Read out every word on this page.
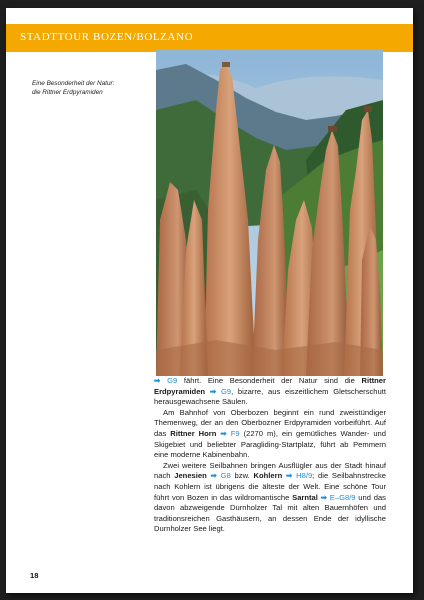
STADTTOUR BOZEN/BOLZANO
Eine Besonderheit der Natur:
die Rittner Erdpyramiden

➡ G9 fährt. Eine Besonderheit der Natur sind die Rittner Erdpyramiden ➡ G9, bizarre, aus eiszeitlichem Gletscherschutt herausgewachsene Säulen.

Am Bahnhof von Oberbozen beginnt ein rund zweistündiger Themenweg, der an den Oberbozner Erdpyramiden vorbeiführt. Auf das Rittner Horn ➡ F9 (2270 m), ein gemütliches Wander- und Skigebiet und beliebter Paragliding-Startplatz, führt ab Pemmern eine moderne Kabinenbahn.

Zwei weitere Seilbahnen bringen Ausflügler aus der Stadt hinauf nach Jenesien ➡ G8 bzw. Kohlern ➡ H8/9; die Seilbahnstrecke nach Kohlern ist übrigens die älteste der Welt. Eine schöne Tour führt von Bozen in das wildromantische Sarntal ➡ E–G8/9 und das davon abzweigende Durnholzer Tal mit alten Bauernhöfen und traditionsreichen Gasthäusern, an dessen Ende der idyllische Durnholzer See liegt.

18
